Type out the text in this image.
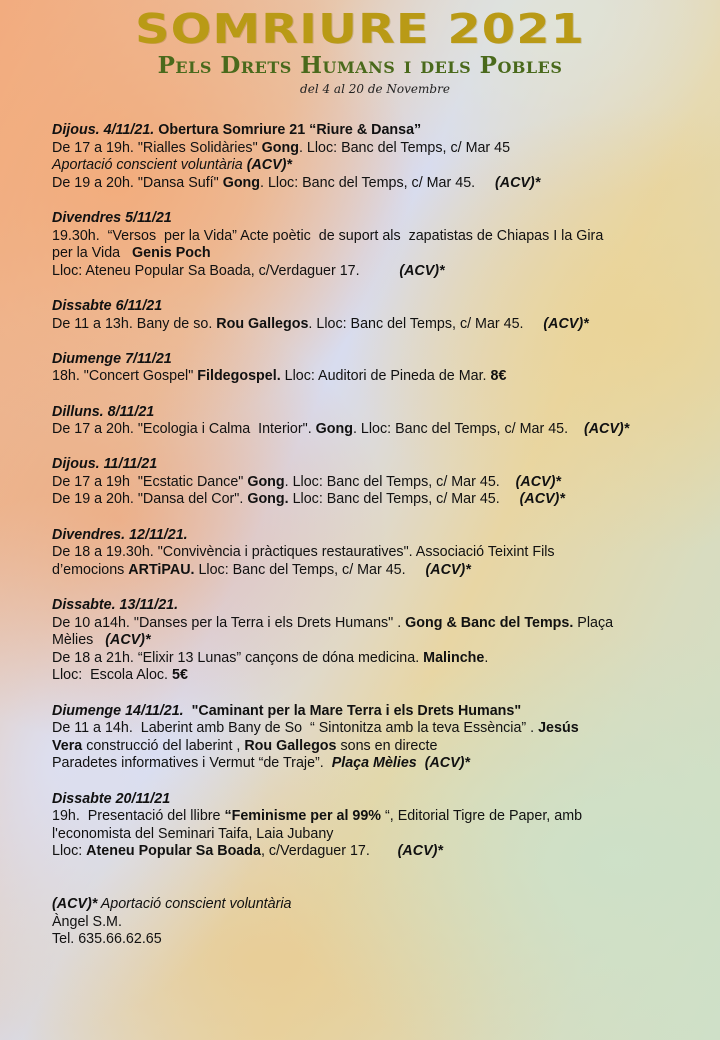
SOMRIURE 2021
Pels Drets Humans i dels Pobles
del 4 al 20 de Novembre

Dijous. 4/11/21. Obertura Somriure 21 “Riure & Dansa”

De 17 a 19h. "Rialles Solidàries" Gong. Lloc: Banc del Temps, c/ Mar 45

Aportació conscient voluntària (ACV)*

De 19 a 20h. "Dansa Sufí" Gong. Lloc: Banc del Temps, c/ Mar 45.     (ACV)*

Divendres 5/11/21

19.30h.  “Versos  per la Vida” Acte poètic  de suport als  zapatistas de Chiapas I la Gira

per la Vida   Genis Poch

Lloc: Ateneu Popular Sa Boada, c/Verdaguer 17.          (ACV)*

Dissabte 6/11/21

De 11 a 13h. Bany de so. Rou Gallegos. Lloc: Banc del Temps, c/ Mar 45.     (ACV)*

Diumenge 7/11/21

18h. "Concert Gospel" Fildegospel. Lloc: Auditori de Pineda de Mar. 8€

Dilluns. 8/11/21

De 17 a 20h. "Ecologia i Calma  Interior". Gong. Lloc: Banc del Temps, c/ Mar 45.    (ACV)*

Dijous. 11/11/21

De 17 a 19h  "Ecstatic Dance" Gong. Lloc: Banc del Temps, c/ Mar 45.    (ACV)*

De 19 a 20h. "Dansa del Cor". Gong. Lloc: Banc del Temps, c/ Mar 45.     (ACV)*

Divendres. 12/11/21.

De 18 a 19.30h. "Convivència i pràctiques restauratives". Associació Teixint Fils

d’emocions ARTiPAU. Lloc: Banc del Temps, c/ Mar 45.     (ACV)*

Dissabte. 13/11/21.

De 10 a14h. "Danses per la Terra i els Drets Humans" . Gong & Banc del Temps. Plaça

Mèlies   (ACV)*

De 18 a 21h. “Elixir 13 Lunas” cançons de dóna medicina. Malinche.

Lloc:  Escola Aloc. 5€

Diumenge 14/11/21.  "Caminant per la Mare Terra i els Drets Humans"

De 11 a 14h.  Laberint amb Bany de So  “ Sintonitza amb la teva Essència” . Jesús

Vera construcció del laberint , Rou Gallegos sons en directe

Paradetes informatives i Vermut “de Traje”.  Plaça Mèlies  (ACV)*

Dissabte 20/11/21

19h.  Presentació del llibre “Feminisme per al 99% “, Editorial Tigre de Paper, amb

l'economista del Seminari Taifa, Laia Jubany

Lloc: Ateneu Popular Sa Boada, c/Verdaguer 17.       (ACV)*

(ACV)* Aportació conscient voluntària

Àngel S.M.

Tel. 635.66.62.65
